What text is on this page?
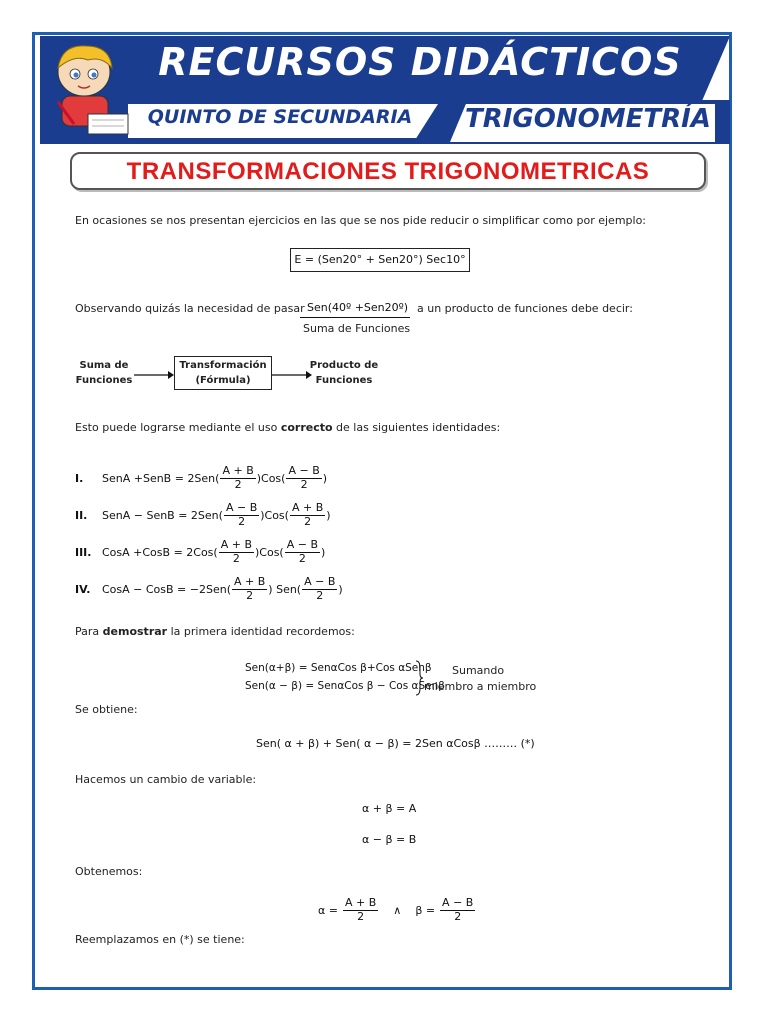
RECURSOS DIDÁCTICOS
QUINTO DE SECUNDARIA TRIGONOMETRÍA
TRANSFORMACIONES TRIGONOMETRICAS
En ocasiones se nos presentan ejercicios en las que se nos pide reducir o simplificar como por ejemplo:
E = (Sen20° + Sen20°) Sec10°
Observando quizás la necesidad de pasar Sen(40º +Sen20º)
Suma de Funciones
a un producto de funciones debe decir:
Suma de
Funciones
Transformación
(Fórmula)
Producto de
Funciones
Esto puede lograrse mediante el uso correcto de las siguientes identidades:
I.	SenA +SenB = $2Sen( \frac{A + B}{2} )Cos( \frac{A - B}{2}$ )
II.	SenA − SenB = $2Sen( \frac{A - B}{2} )Cos( \frac{A + B}{2}$ )
III. CosA +CosB = $2Cos( \frac{A + B}{2} )Cos( \frac{A - B}{2}$ )
IV.	CosA − CosB = $-2Sen( \frac{A + B}{2}$ ) $Sen( \frac{A - B}{2}$ )
Para demostrar la primera identidad recordemos:
Sen(α+β) = SenαCos β+Cos αSenβ
Sen(α − β) = SenαCos β − Cos αSenβ
Sumando
miembro a miembro
Se obtiene:
Sen( α + β) + Sen( α − β) = 2Sen αCosβ ……… (*)
Hacemos un cambio de variable:
α + β = A
α − β = B
Obtenemos:
$\alpha = \frac{A + B}{2}$ ∧ $\beta = \frac{A - B}{2}$
Reemplazamos en (*) se tiene:
